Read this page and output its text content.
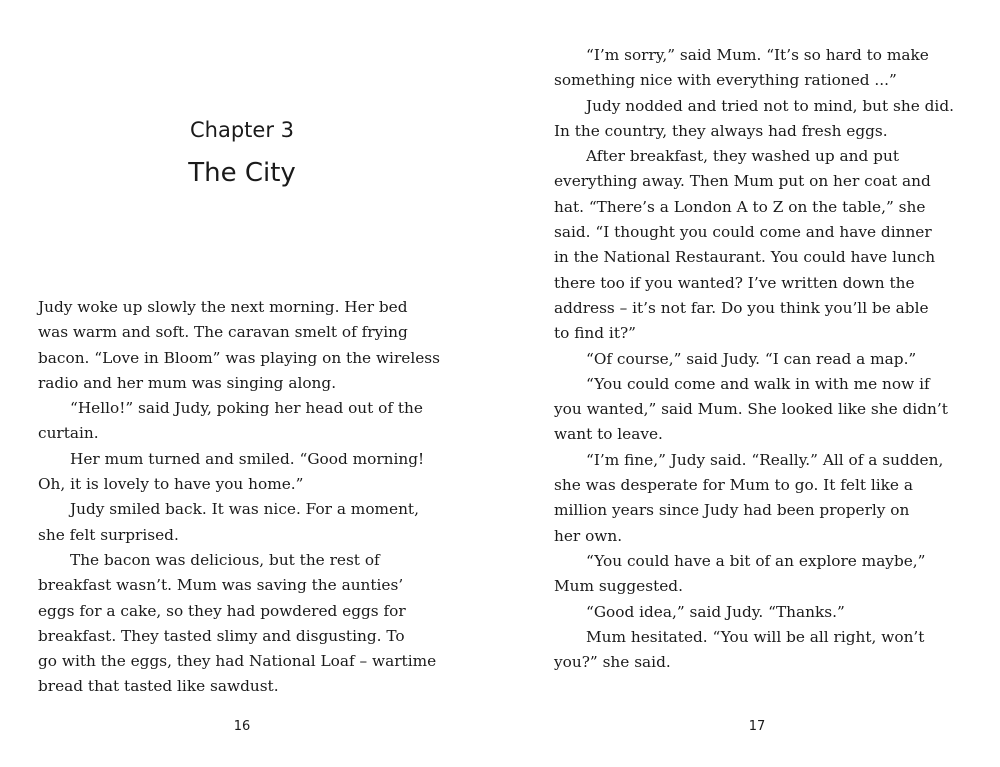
Chapter 3
The City
Judy woke up slowly the next morning. Her bed
was warm and soft. The caravan smelt of frying
bacon. “Love in Bloom” was playing on the wireless
radio and her mum was singing along.
“Hello!” said Judy, poking her head out of the
curtain.
Her mum turned and smiled. “Good morning!
Oh, it is lovely to have you home.”
Judy smiled back. It was nice. For a moment,
she felt surprised.
The bacon was delicious, but the rest of
breakfast wasn’t. Mum was saving the aunties’
eggs for a cake, so they had powdered eggs for
breakfast. They tasted slimy and disgusting. To
go with the eggs, they had National Loaf – wartime
bread that tasted like sawdust.
16
“I’m sorry,” said Mum. “It’s so hard to make
something nice with everything rationed ...”
Judy nodded and tried not to mind, but she did.
In the country, they always had fresh eggs.
After breakfast, they washed up and put
everything away. Then Mum put on her coat and
hat. “There’s a London A to Z on the table,” she
said. “I thought you could come and have dinner
in the National Restaurant. You could have lunch
there too if you wanted? I’ve written down the
address – it’s not far. Do you think you’ll be able
to find it?”
“Of course,” said Judy. “I can read a map.”
“You could come and walk in with me now if
you wanted,” said Mum. She looked like she didn’t
want to leave.
“I’m fine,” Judy said. “Really.” All of a sudden,
she was desperate for Mum to go. It felt like a
million years since Judy had been properly on
her own.
“You could have a bit of an explore maybe,”
Mum suggested.
“Good idea,” said Judy. “Thanks.”
Mum hesitated. “You will be all right, won’t
you?” she said.
17
